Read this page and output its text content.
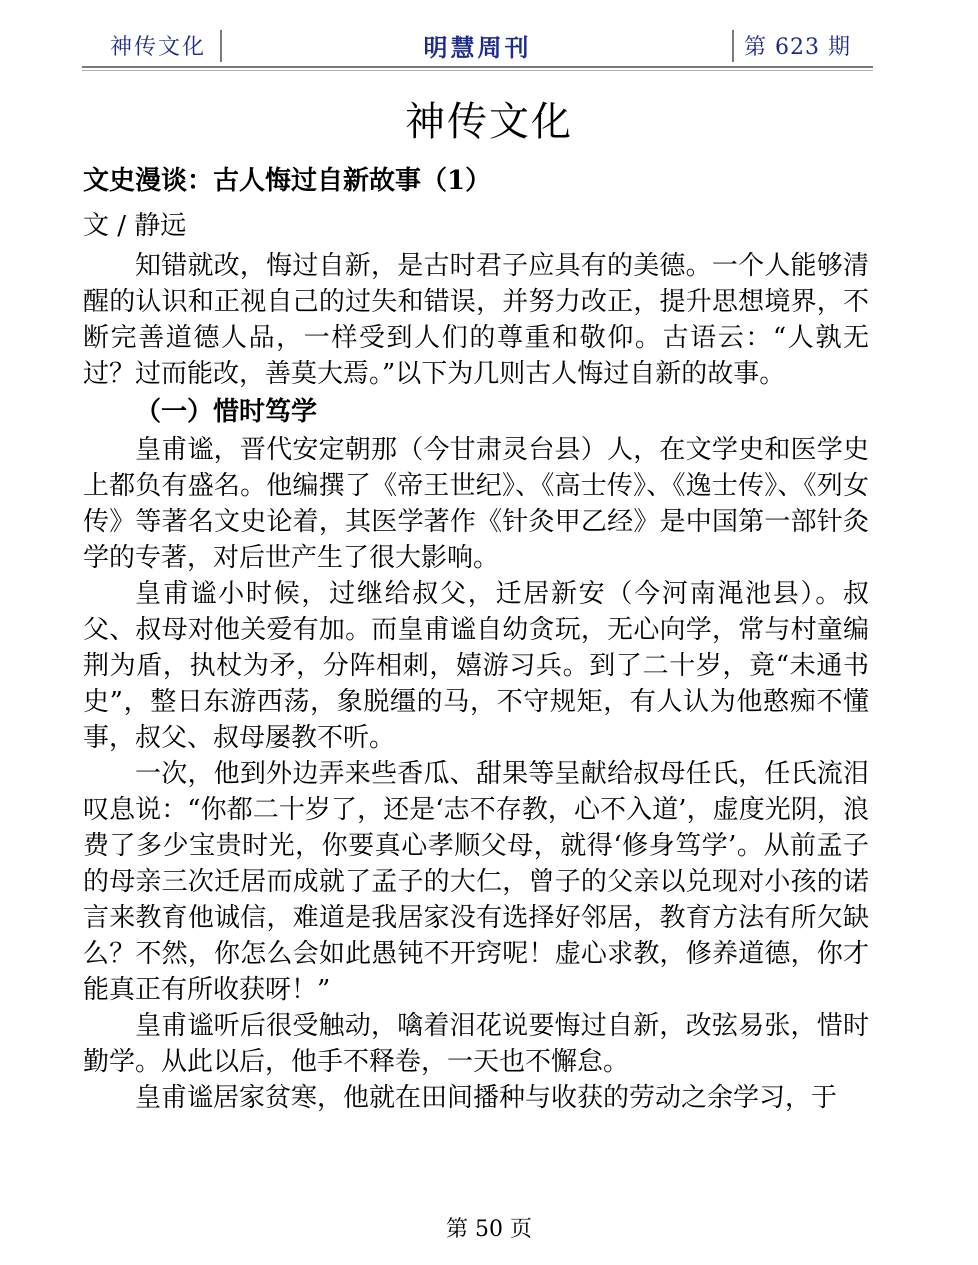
神传文化	明慧周刊	第 623 期
神传文化
文史漫谈：古人悔过自新故事（1）
文 / 静远

知错就改，悔过自新，是古时君子应具有的美德。一个人能够清醒的认识和正视自己的过失和错误，并努力改正，提升思想境界，不断完善道德人品，一样受到人们的尊重和敬仰。古语云：“人孰无过？过而能改，善莫大焉。”以下为几则古人悔过自新的故事。

（一）惜时笃学

皇甫谧，晋代安定朝那（今甘肃灵台县）人，在文学史和医学史上都负有盛名。他编撰了《帝王世纪》、《高士传》、《逸士传》、《列女传》等著名文史论着，其医学著作《针灸甲乙经》是中国第一部针灸学的专著，对后世产生了很大影响。

皇甫谧小时候，过继给叔父，迁居新安（今河南渑池县）。叔父、叔母对他关爱有加。而皇甫谧自幼贪玩，无心向学，常与村童编荆为盾，执杖为矛，分阵相刺，嬉游习兵。到了二十岁，竟“未通书史”，整日东游西荡，象脱缰的马，不守规矩，有人认为他憨痴不懂事，叔父、叔母屡教不听。

一次，他到外边弄来些香瓜、甜果等呈献给叔母任氏，任氏流泪叹息说：“你都二十岁了，还是‘志不存教，心不入道’，虚度光阴，浪费了多少宝贵时光，你要真心孝顺父母，就得‘修身笃学’。从前孟子的母亲三次迁居而成就了孟子的大仁，曾子的父亲以兑现对小孩的诺言来教育他诚信，难道是我居家没有选择好邻居，教育方法有所欠缺么？不然，你怎么会如此愚钝不开窍呢！虚心求教，修养道德，你才能真正有所收获呀！”

皇甫谧听后很受触动，噙着泪花说要悔过自新，改弦易张，惜时勤学。从此以后，他手不释卷，一天也不懈怠。

皇甫谧居家贫寒，他就在田间播种与收获的劳动之余学习，于

第 50 页
